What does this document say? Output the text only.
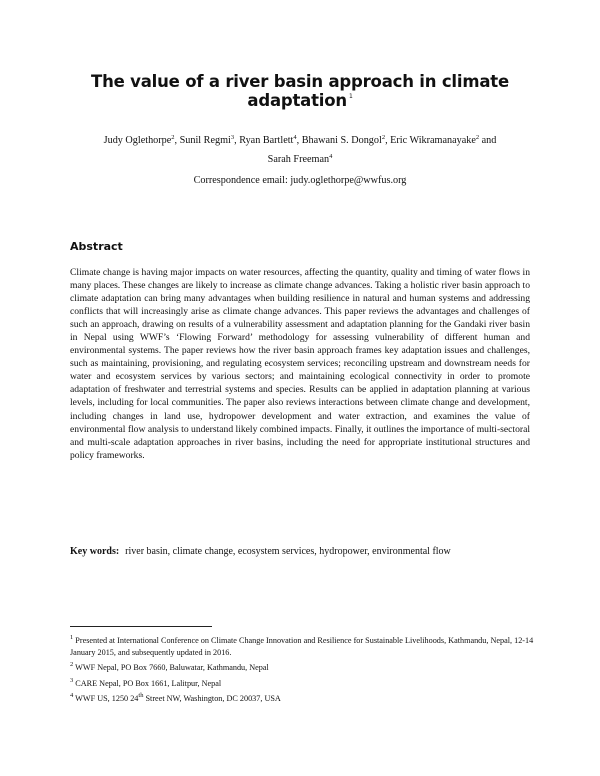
The value of a river basin approach in climate adaptation $^1$
Judy Oglethorpe$^2$, Sunil Regmi$^3$, Ryan Bartlett$^4$, Bhawani S. Dongol$^2$, Eric Wikramanayake$^2$ and
Sarah Freeman$^4$
Correspondence email: judy.oglethorpe@wwfus.org
Abstract
Climate change is having major impacts on water resources, affecting the quantity, quality and timing of water flows in many places. These changes are likely to increase as climate change advances. Taking a holistic river basin approach to climate adaptation can bring many advantages when building resilience in natural and human systems and addressing conflicts that will increasingly arise as climate change advances. This paper reviews the advantages and challenges of such an approach, drawing on results of a vulnerability assessment and adaptation planning for the Gandaki river basin in Nepal using WWF’s ‘Flowing Forward’ methodology for assessing vulnerability of different human and environmental systems. The paper reviews how the river basin approach frames key adaptation issues and challenges, such as maintaining, provisioning, and regulating ecosystem services; reconciling upstream and downstream needs for water and ecosystem services by various sectors; and maintaining ecological connectivity in order to promote adaptation of freshwater and terrestrial systems and species. Results can be applied in adaptation planning at various levels, including for local communities. The paper also reviews interactions between climate change and development, including changes in land use, hydropower development and water extraction, and examines the value of environmental flow analysis to understand likely combined impacts. Finally, it outlines the importance of multi-sectoral and multi-scale adaptation approaches in river basins, including the need for appropriate institutional structures and policy frameworks.
Key words: river basin, climate change, ecosystem services, hydropower, environmental flow

$^1$ Presented at International Conference on Climate Change Innovation and Resilience for Sustainable Livelihoods, Kathmandu, Nepal, 12-14 January 2015, and subsequently updated in 2016.

$^2$ WWF Nepal, PO Box 7660, Baluwatar, Kathmandu, Nepal

$^3$ CARE Nepal, PO Box 1661, Lalitpur, Nepal

$^4$ WWF US, 1250 24th Street NW, Washington, DC 20037, USA
